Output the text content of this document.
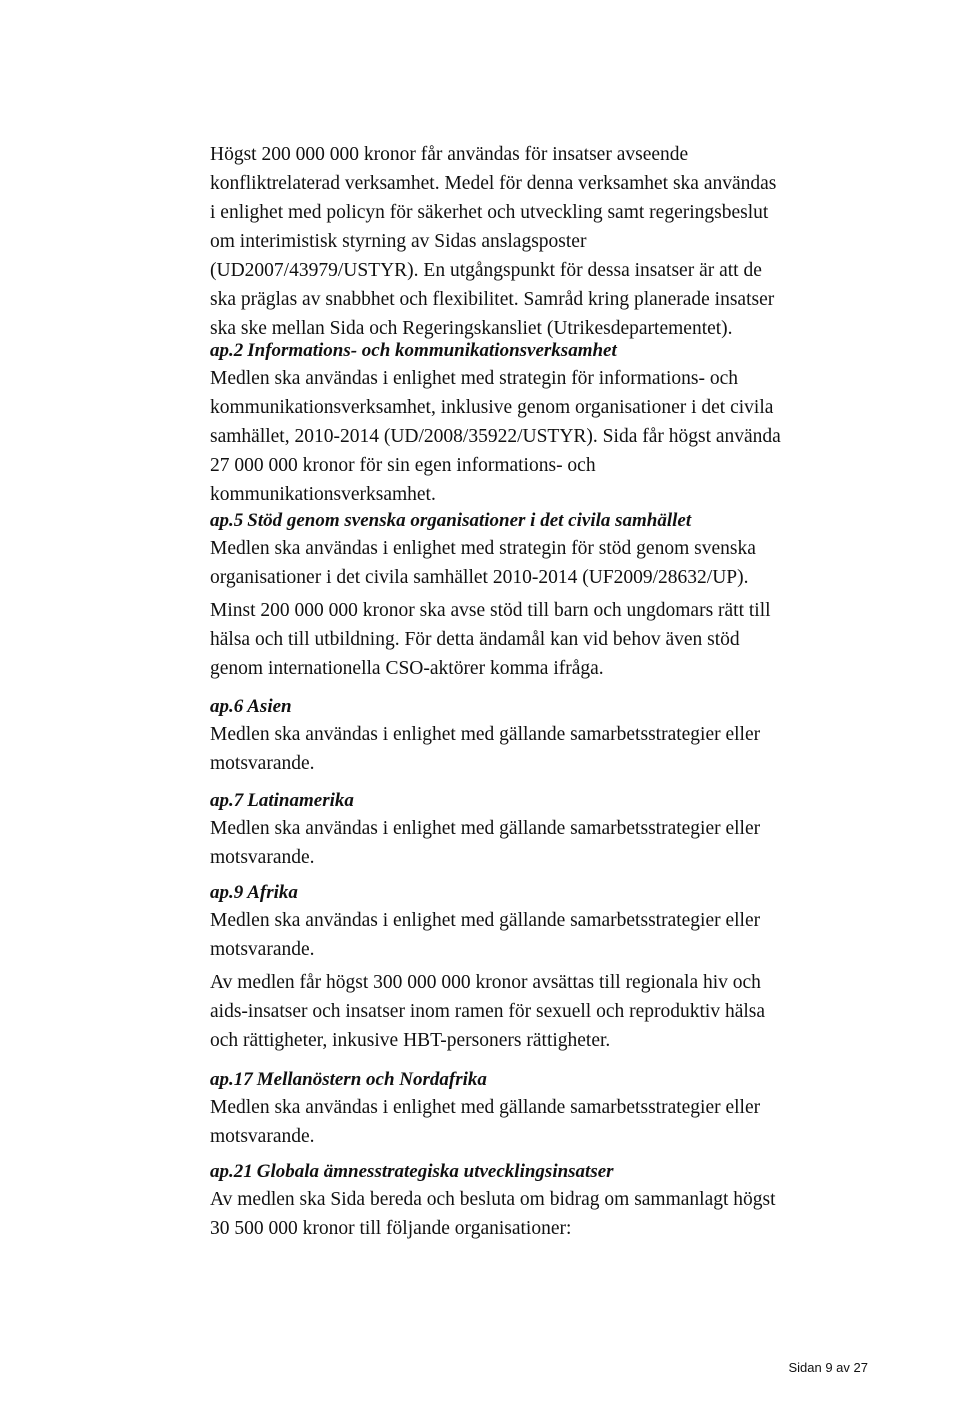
Högst 200 000 000 kronor får användas för insatser avseende
konfliktrelaterad verksamhet. Medel för denna verksamhet ska användas
i enlighet med policyn för säkerhet och utveckling samt regeringsbeslut
om interimistisk styrning av Sidas anslagsposter
(UD2007/43979/USTYR). En utgångspunkt för dessa insatser är att de
ska präglas av snabbhet och flexibilitet. Samråd kring planerade insatser
ska ske mellan Sida och Regeringskansliet (Utrikesdepartementet).
ap.2 Informations- och kommunikationsverksamhet
Medlen ska användas i enlighet med strategin för informations- och
kommunikationsverksamhet, inklusive genom organisationer i det civila
samhället, 2010-2014 (UD/2008/35922/USTYR). Sida får högst använda
27 000 000 kronor för sin egen informations- och
kommunikationsverksamhet.
ap.5 Stöd genom svenska organisationer i det civila samhället
Medlen ska användas i enlighet med strategin för stöd genom svenska
organisationer i det civila samhället 2010-2014 (UF2009/28632/UP).
Minst 200 000 000 kronor ska avse stöd till barn och ungdomars rätt till
hälsa och till utbildning. För detta ändamål kan vid behov även stöd
genom internationella CSO-aktörer komma ifråga.
ap.6 Asien
Medlen ska användas i enlighet med gällande samarbetsstrategier eller
motsvarande.
ap.7 Latinamerika
Medlen ska användas i enlighet med gällande samarbetsstrategier eller
motsvarande.
ap.9 Afrika
Medlen ska användas i enlighet med gällande samarbetsstrategier eller
motsvarande.
Av medlen får högst 300 000 000 kronor avsättas till regionala hiv och
aids-insatser och insatser inom ramen för sexuell och reproduktiv hälsa
och rättigheter, inkusive HBT-personers rättigheter.
ap.17 Mellanöstern och Nordafrika
Medlen ska användas i enlighet med gällande samarbetsstrategier eller
motsvarande.
ap.21 Globala ämnesstrategiska utvecklingsinsatser
Av medlen ska Sida bereda och besluta om bidrag om sammanlagt högst
30 500 000 kronor till följande organisationer:
Sidan 9 av 27
